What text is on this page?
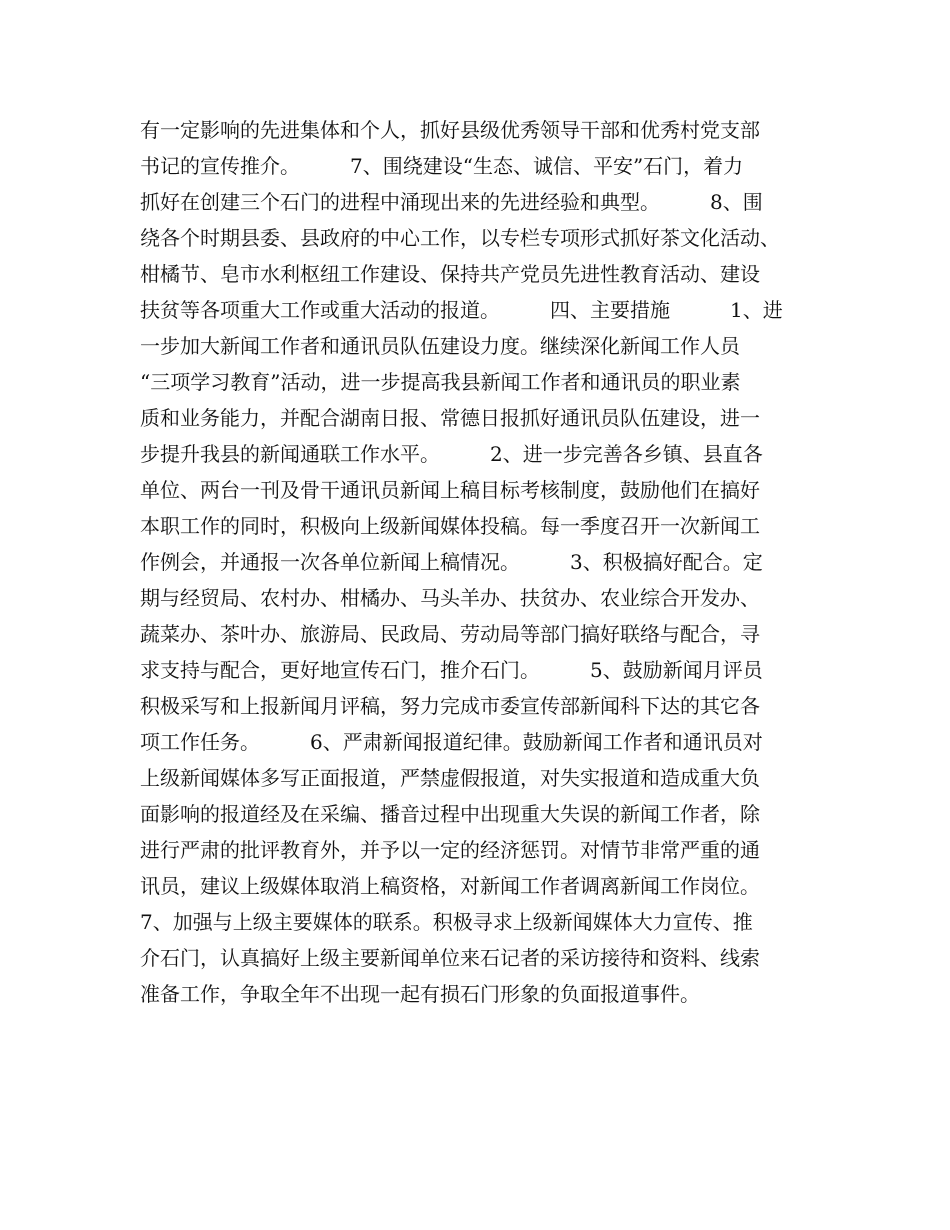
有一定影响的先进集体和个人，抓好县级优秀领导干部和优秀村党支部
书记的宣传推介。　　　7、围绕建设“生态、诚信、平安”石门，着力
抓好在创建三个石门的进程中涌现出来的先进经验和典型。　　　8、围
绕各个时期县委、县政府的中心工作，以专栏专项形式抓好茶文化活动、
柑橘节、皂市水利枢纽工作建设、保持共产党员先进性教育活动、建设
扶贫等各项重大工作或重大活动的报道。　　　四、主要措施　　　1、进
一步加大新闻工作者和通讯员队伍建设力度。继续深化新闻工作人员
“三项学习教育”活动，进一步提高我县新闻工作者和通讯员的职业素
质和业务能力，并配合湖南日报、常德日报抓好通讯员队伍建设，进一
步提升我县的新闻通联工作水平。　　　2、进一步完善各乡镇、县直各
单位、两台一刊及骨干通讯员新闻上稿目标考核制度，鼓励他们在搞好
本职工作的同时，积极向上级新闻媒体投稿。每一季度召开一次新闻工
作例会，并通报一次各单位新闻上稿情况。　　　3、积极搞好配合。定
期与经贸局、农村办、柑橘办、马头羊办、扶贫办、农业综合开发办、
蔬菜办、茶叶办、旅游局、民政局、劳动局等部门搞好联络与配合，寻
求支持与配合，更好地宣传石门，推介石门。　　　5、鼓励新闻月评员
积极采写和上报新闻月评稿，努力完成市委宣传部新闻科下达的其它各
项工作任务。　　　6、严肃新闻报道纪律。鼓励新闻工作者和通讯员对
上级新闻媒体多写正面报道，严禁虚假报道，对失实报道和造成重大负
面影响的报道经及在采编、播音过程中出现重大失误的新闻工作者，除
进行严肃的批评教育外，并予以一定的经济惩罚。对情节非常严重的通
讯员，建议上级媒体取消上稿资格，对新闻工作者调离新闻工作岗位。
7、加强与上级主要媒体的联系。积极寻求上级新闻媒体大力宣传、推
介石门，认真搞好上级主要新闻单位来石记者的采访接待和资料、线索
准备工作，争取全年不出现一起有损石门形象的负面报道事件。
